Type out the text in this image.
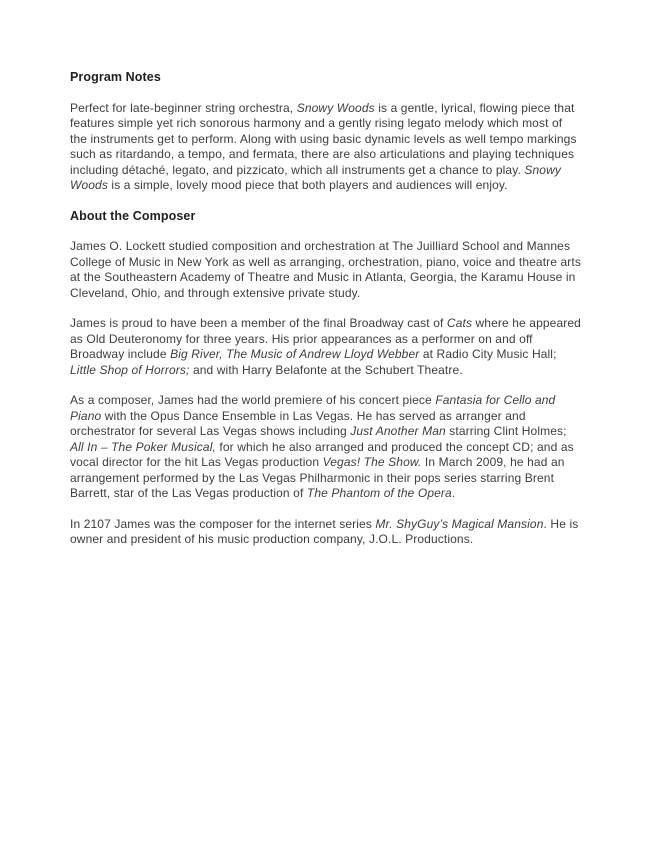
Program Notes

Perfect for late-beginner string orchestra, Snowy Woods is a gentle, lyrical, flowing piece that features simple yet rich sonorous harmony and a gently rising legato melody which most of the instruments get to perform. Along with using basic dynamic levels as well tempo markings such as ritardando, a tempo, and fermata, there are also articulations and playing techniques including détaché, legato, and pizzicato, which all instruments get a chance to play. Snowy Woods is a simple, lovely mood piece that both players and audiences will enjoy.

About the Composer

James O. Lockett studied composition and orchestration at The Juilliard School and Mannes College of Music in New York as well as arranging, orchestration, piano, voice and theatre arts at the Southeastern Academy of Theatre and Music in Atlanta, Georgia, the Karamu House in Cleveland, Ohio, and through extensive private study.

James is proud to have been a member of the final Broadway cast of Cats where he appeared as Old Deuteronomy for three years. His prior appearances as a performer on and off Broadway include Big River, The Music of Andrew Lloyd Webber at Radio City Music Hall; Little Shop of Horrors; and with Harry Belafonte at the Schubert Theatre.

As a composer, James had the world premiere of his concert piece Fantasia for Cello and Piano with the Opus Dance Ensemble in Las Vegas. He has served as arranger and orchestrator for several Las Vegas shows including Just Another Man starring Clint Holmes; All In – The Poker Musical, for which he also arranged and produced the concept CD; and as vocal director for the hit Las Vegas production Vegas! The Show. In March 2009, he had an arrangement performed by the Las Vegas Philharmonic in their pops series starring Brent Barrett, star of the Las Vegas production of The Phantom of the Opera.

In 2107 James was the composer for the internet series Mr. ShyGuy’s Magical Mansion. He is owner and president of his music production company, J.O.L. Productions.
